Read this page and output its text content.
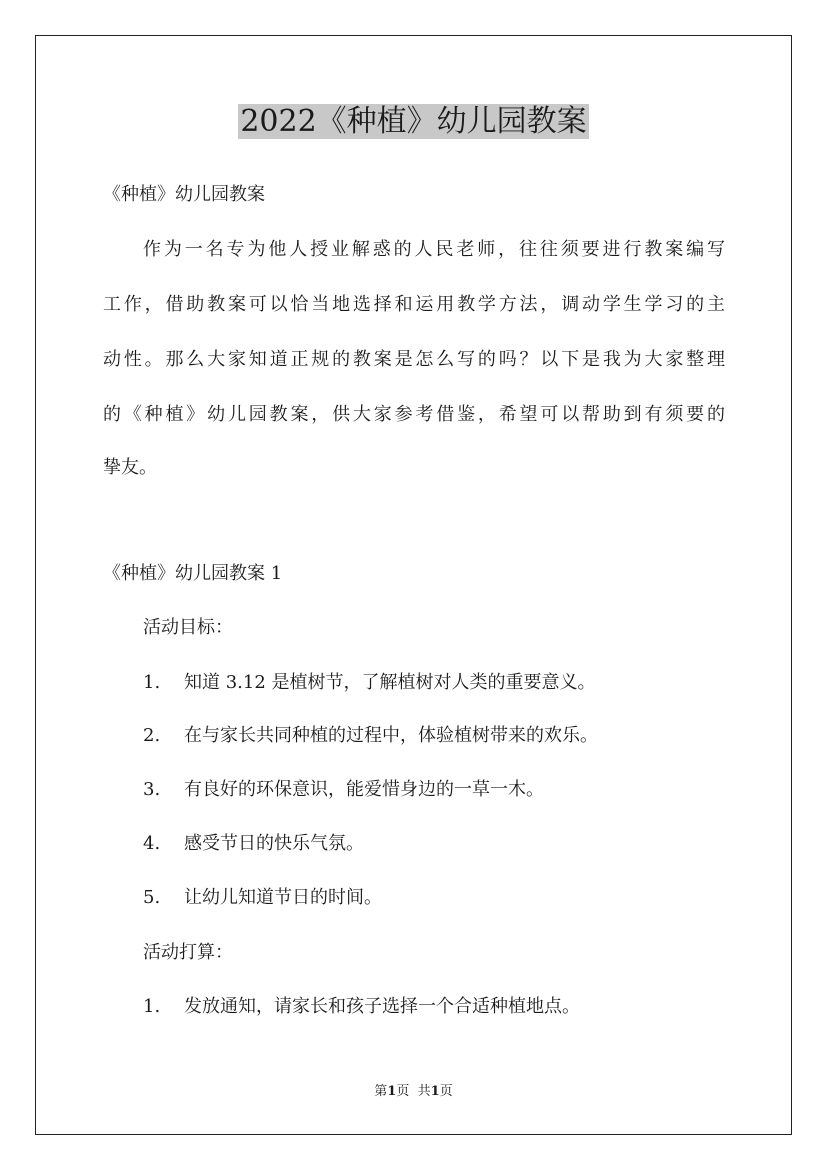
2022《种植》幼儿园教案
《种植》幼儿园教案
作为一名专为他人授业解惑的人民老师，往往须要进行教案编写
工作，借助教案可以恰当地选择和运用教学方法，调动学生学习的主
动性。那么大家知道正规的教案是怎么写的吗？以下是我为大家整理
的《种植》幼儿园教案，供大家参考借鉴，希望可以帮助到有须要的
挚友。
《种植》幼儿园教案 1
活动目标：
1. 知道 3.12 是植树节，了解植树对人类的重要意义。
2. 在与家长共同种植的过程中，体验植树带来的欢乐。
3. 有良好的环保意识，能爱惜身边的一草一木。
4. 感受节日的快乐气氛。
5. 让幼儿知道节日的时间。
活动打算：
1. 发放通知，请家长和孩子选择一个合适种植地点。
第1页 共1页
